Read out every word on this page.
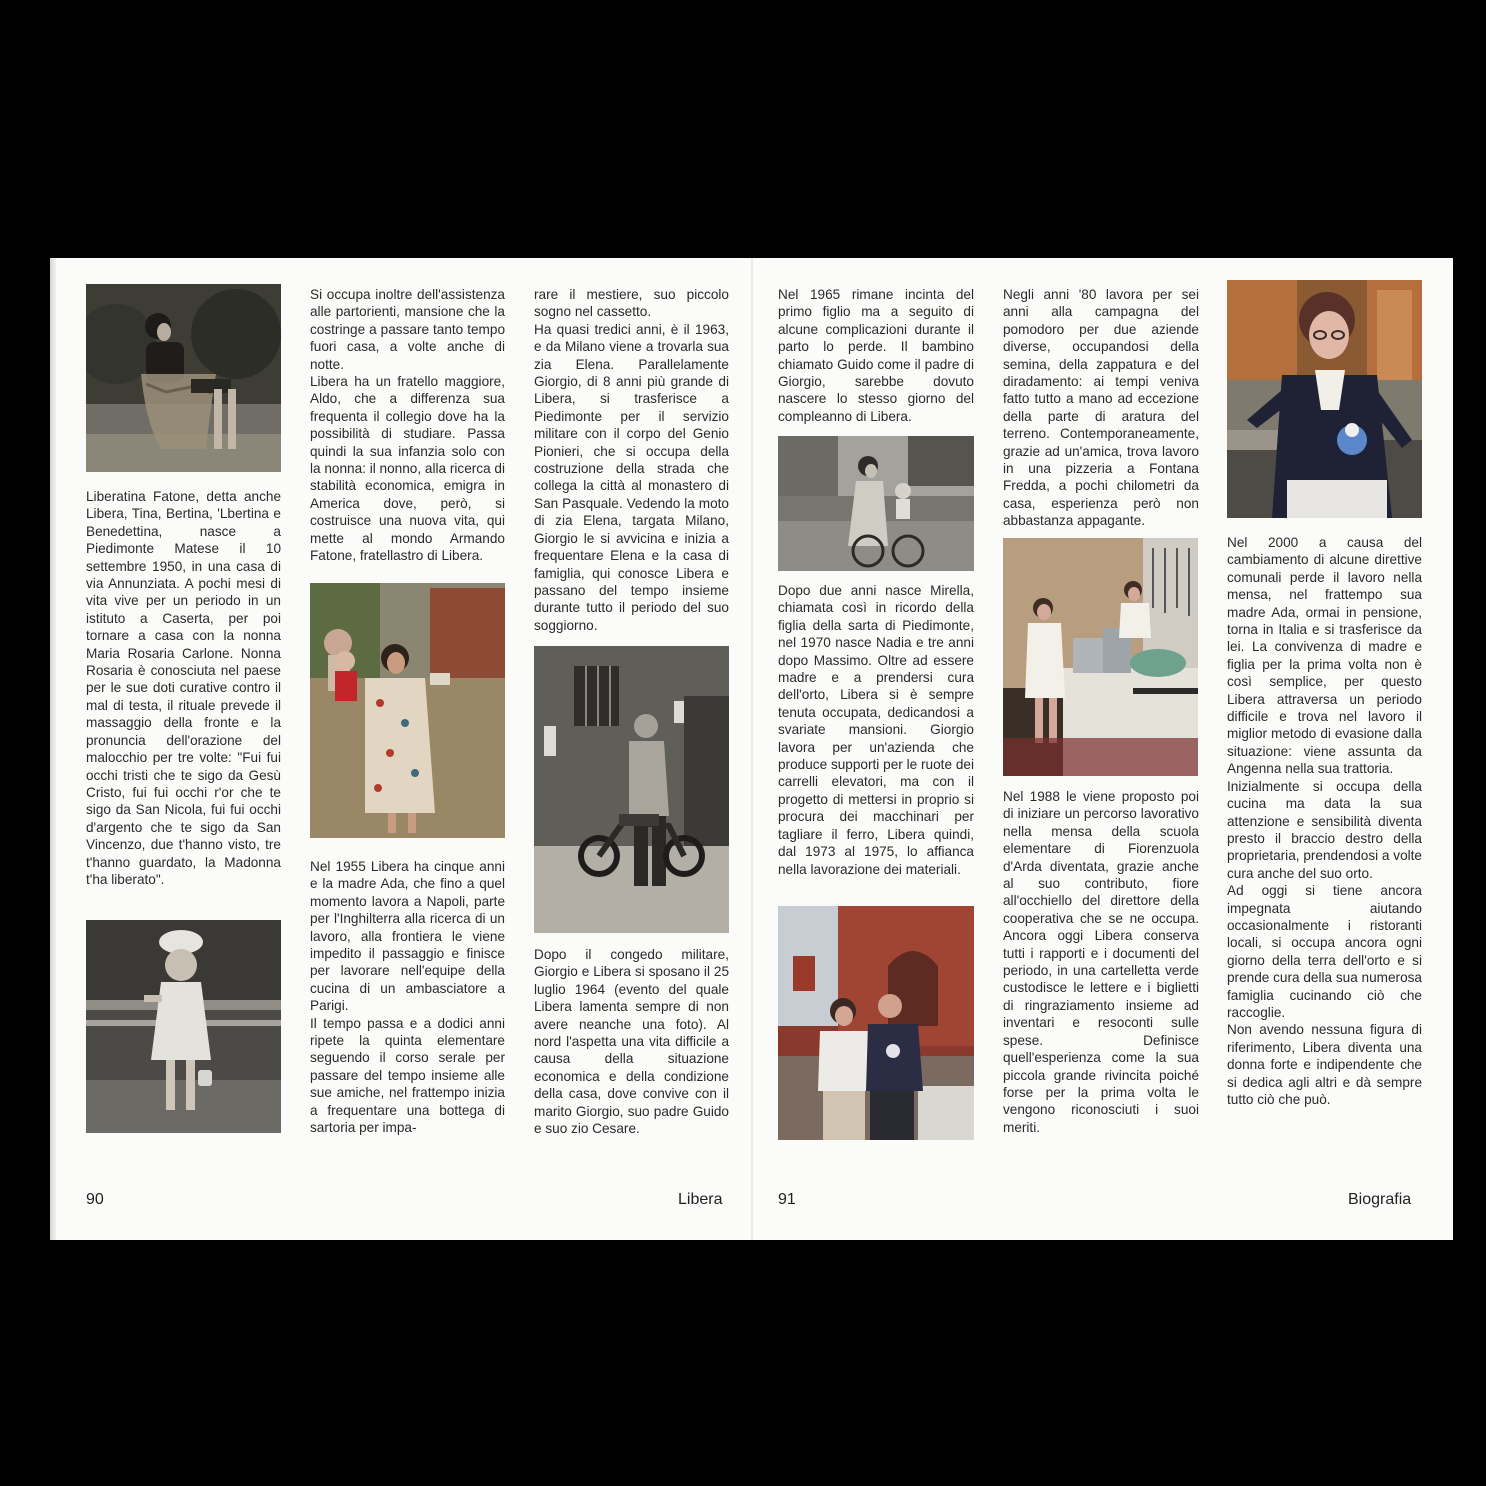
Liberatina Fatone, detta anche Libera, Tina, Bertina, 'Lbertina e Benedettina, nasce a Piedimonte Matese il 10 settembre 1950, in una casa di via Annunziata. A pochi mesi di vita vive per un periodo in un istituto a Caserta, per poi tornare a casa con la nonna Maria Rosaria Carlone. Nonna Rosaria è conosciuta nel paese per le sue doti curative contro il mal di testa, il rituale prevede il massaggio della fronte e la pronuncia dell'orazione del malocchio per tre volte: "Fui fui occhi tristi che te sigo da Gesù Cristo, fui fui occhi r'or che te sigo da San Nicola, fui fui occhi d'argento che te sigo da San Vincenzo, due t'hanno visto, tre t'hanno guardato, la Madonna t'ha liberato".

Si occupa inoltre dell'assistenza alle partorienti, mansione che la costringe a passare tanto tempo fuori casa, a volte anche di notte.

Libera ha un fratello maggiore, Aldo, che a differenza sua frequenta il collegio dove ha la possibilità di studiare. Passa quindi la sua infanzia solo con la nonna: il nonno, alla ricerca di stabilità economica, emigra in America dove, però, si costruisce una nuova vita, qui mette al mondo Armando Fatone, fratellastro di Libera.

Nel 1955 Libera ha cinque anni e la madre Ada, che fino a quel momento lavora a Napoli, parte per l'Inghilterra alla ricerca di un lavoro, alla frontiera le viene impedito il passaggio e finisce per lavorare nell'equipe della cucina di un ambasciatore a Parigi.

Il tempo passa e a dodici anni ripete la quinta elementare seguendo il corso serale per passare del tempo insieme alle sue amiche, nel frattempo inizia a frequentare una bottega di sartoria per impa-

rare il mestiere, suo piccolo sogno nel cassetto.

Ha quasi tredici anni, è il 1963, e da Milano viene a trovarla sua zia Elena. Parallelamente Giorgio, di 8 anni più grande di Libera, si trasferisce a Piedimonte per il servizio militare con il corpo del Genio Pionieri, che si occupa della costruzione della strada che collega la città al monastero di San Pasquale. Vedendo la moto di zia Elena, targata Milano, Giorgio le si avvicina e inizia a frequentare Elena e la casa di famiglia, qui conosce Libera e passano del tempo insieme durante tutto il periodo del suo soggiorno.

Dopo il congedo militare, Giorgio e Libera si sposano il 25 luglio 1964 (evento del quale Libera lamenta sempre di non avere neanche una foto). Al nord l'aspetta una vita difficile a causa della situazione economica e della condizione della casa, dove convive con il marito Giorgio, suo padre Guido e suo zio Cesare.

90	Libera

Nel 1965 rimane incinta del primo figlio ma a seguito di alcune complicazioni durante il parto lo perde. Il bambino chiamato Guido come il padre di Giorgio, sarebbe dovuto nascere lo stesso giorno del compleanno di Libera.

Dopo due anni nasce Mirella, chiamata così in ricordo della figlia della sarta di Piedimonte, nel 1970 nasce Nadia e tre anni dopo Massimo. Oltre ad essere madre e a prendersi cura dell'orto, Libera si è sempre tenuta occupata, dedicandosi a svariate mansioni. Giorgio lavora per un'azienda che produce supporti per le ruote dei carrelli elevatori, ma con il progetto di mettersi in proprio si procura dei macchinari per tagliare il ferro, Libera quindi, dal 1973 al 1975, lo affianca nella lavorazione dei materiali.

Negli anni '80 lavora per sei anni alla campagna del pomodoro per due aziende diverse, occupandosi della semina, della zappatura e del diradamento: ai tempi veniva fatto tutto a mano ad eccezione della parte di aratura del terreno. Contemporaneamente, grazie ad un'amica, trova lavoro in una pizzeria a Fontana Fredda, a pochi chilometri da casa, esperienza però non abbastanza appagante.

Nel 1988 le viene proposto poi di iniziare un percorso lavorativo nella mensa della scuola elementare di Fiorenzuola d'Arda diventata, grazie anche al suo contributo, fiore all'occhiello del direttore della cooperativa che se ne occupa. Ancora oggi Libera conserva tutti i rapporti e i documenti del periodo, in una cartelletta verde custodisce le lettere e i biglietti di ringraziamento insieme ad inventari e resoconti sulle spese. Definisce quell'esperienza come la sua piccola grande rivincita poiché forse per la prima volta le vengono riconosciuti i suoi meriti.

Nel 2000 a causa del cambiamento di alcune direttive comunali perde il lavoro nella mensa, nel frattempo sua madre Ada, ormai in pensione, torna in Italia e si trasferisce da lei. La convivenza di madre e figlia per la prima volta non è così semplice, per questo Libera attraversa un periodo difficile e trova nel lavoro il miglior metodo di evasione dalla situazione: viene assunta da Angenna nella sua trattoria.

Inizialmente si occupa della cucina ma data la sua attenzione e sensibilità diventa presto il braccio destro della proprietaria, prendendosi a volte cura anche del suo orto.

Ad oggi si tiene ancora impegnata aiutando occasionalmente i ristoranti locali, si occupa ancora ogni giorno della terra dell'orto e si prende cura della sua numerosa famiglia cucinando ciò che raccoglie.

Non avendo nessuna figura di riferimento, Libera diventa una donna forte e indipendente che si dedica agli altri e dà sempre tutto ciò che può.

91	Biografia
